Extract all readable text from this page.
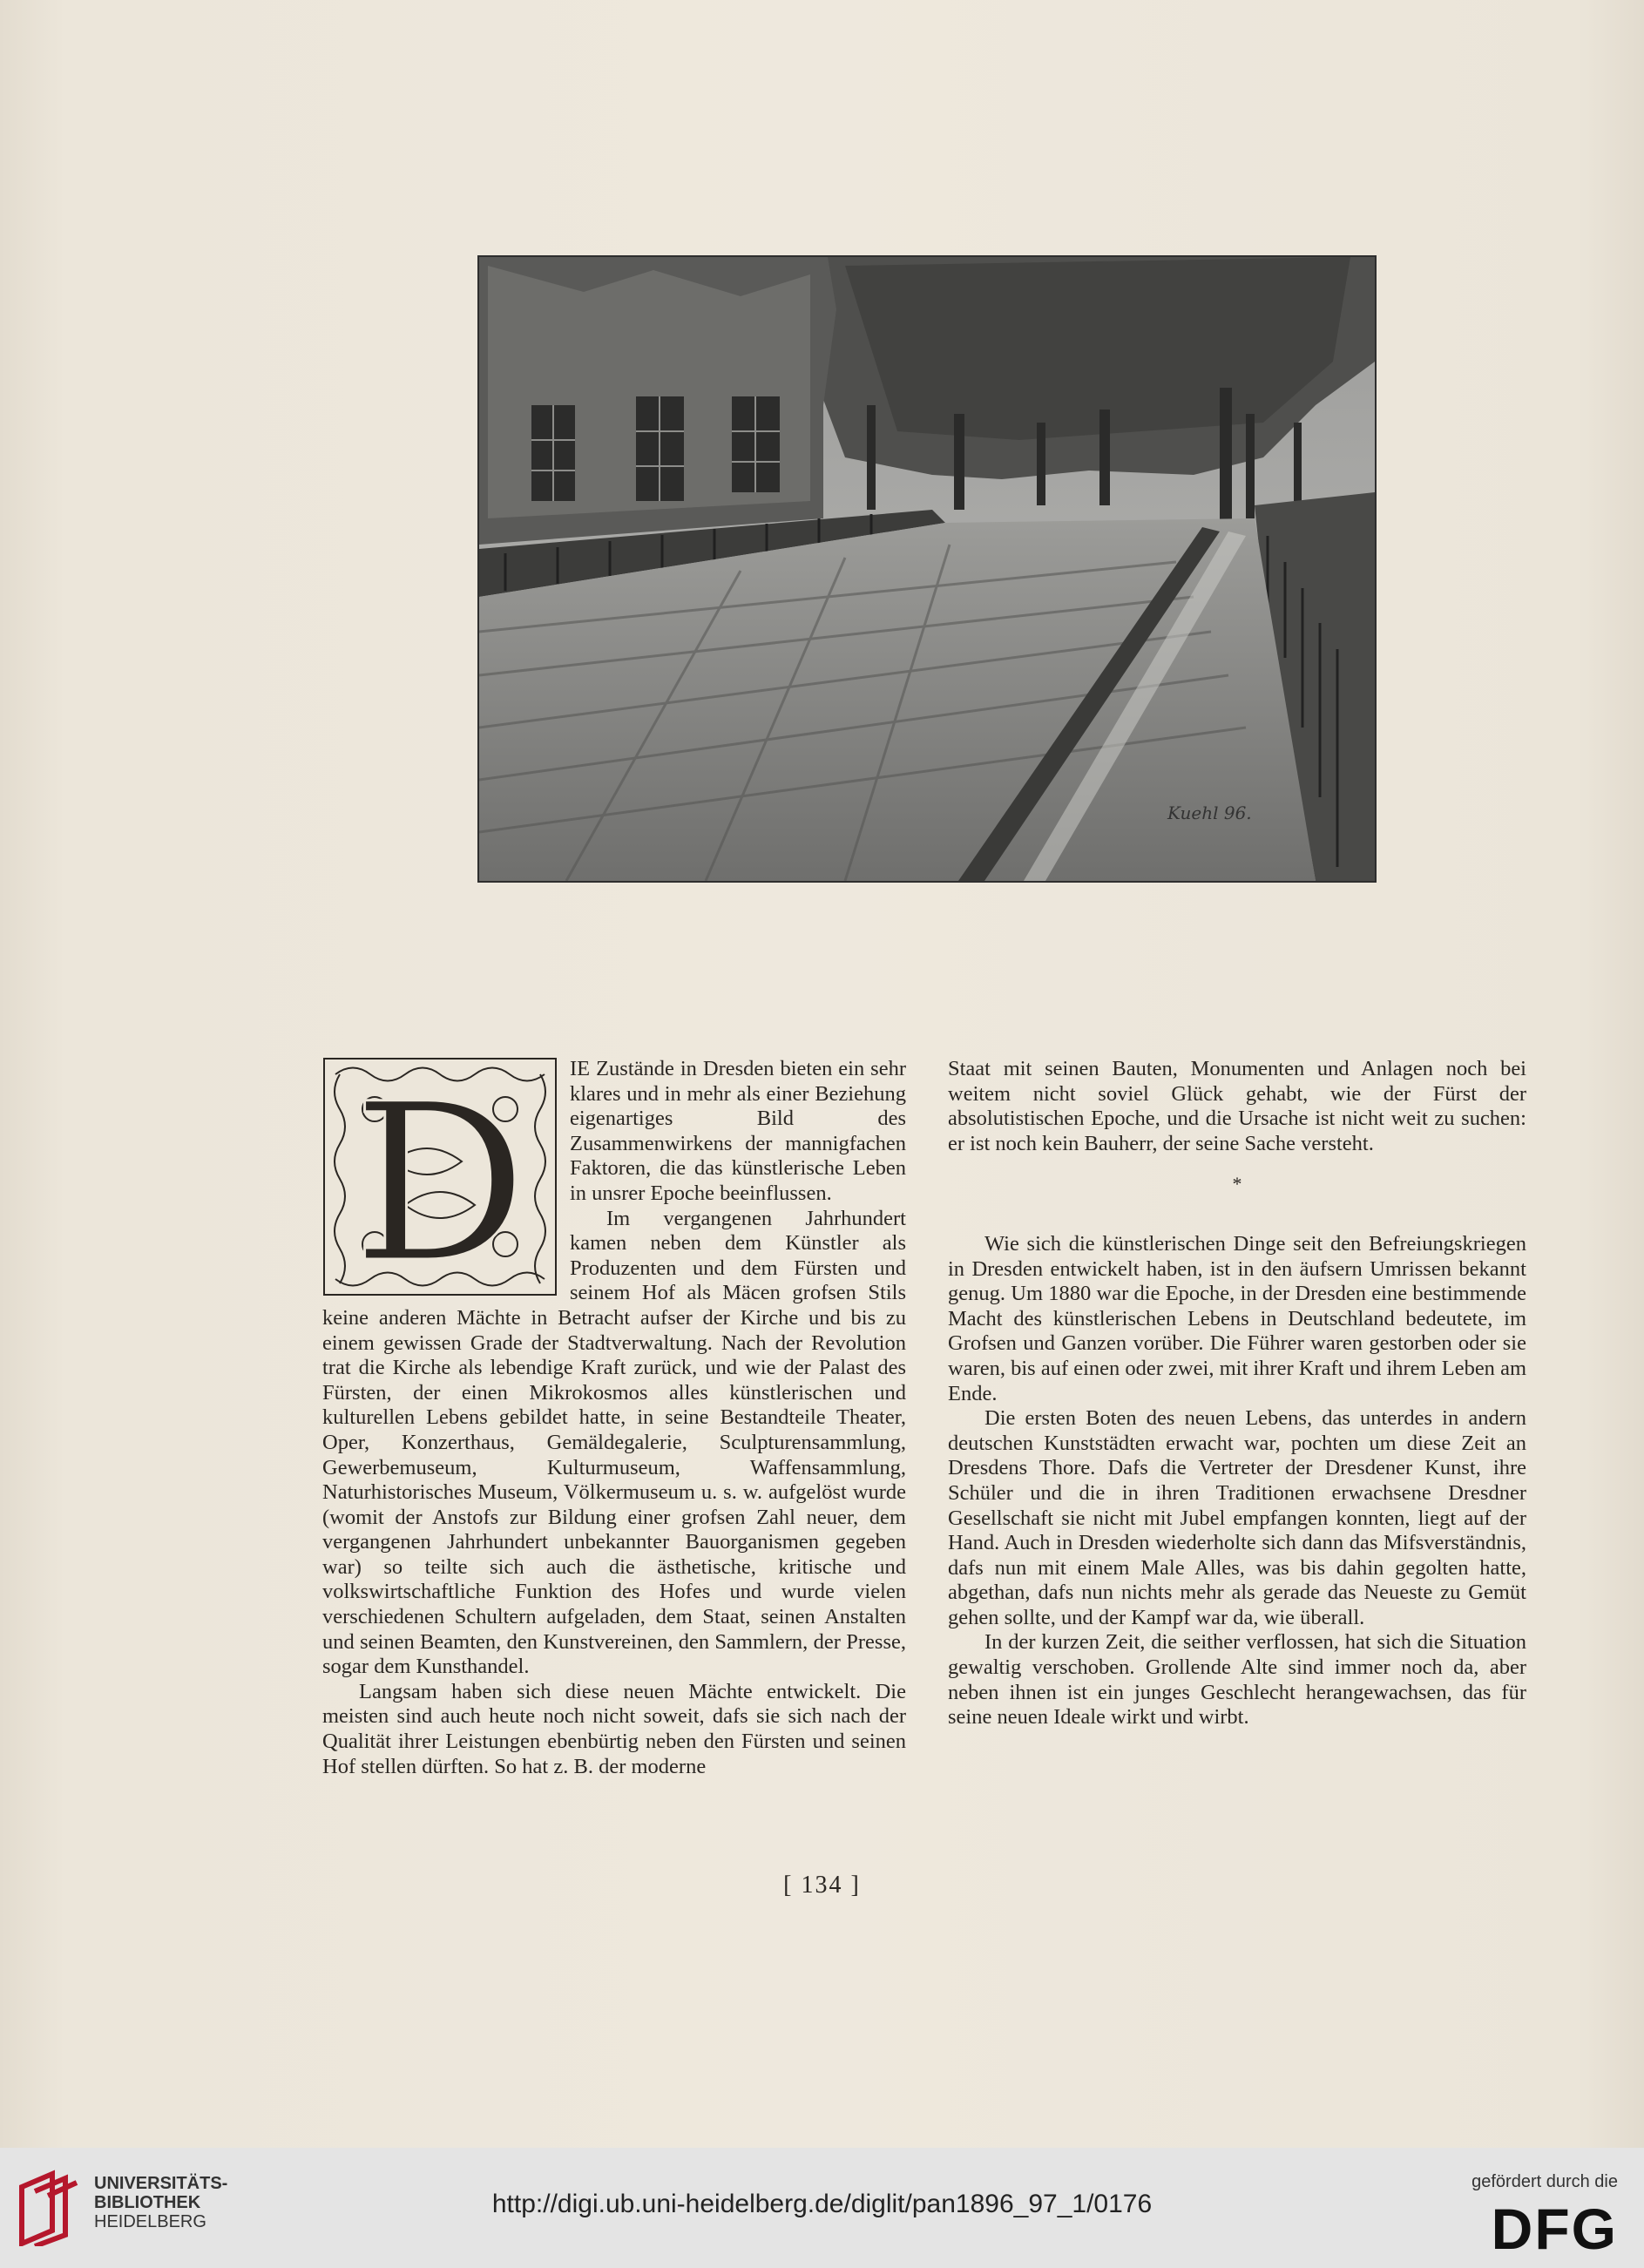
Kuehl 96.
D	IE Zustände in Dresden bieten ein sehr klares und in mehr als einer Beziehung eigenartiges Bild des Zusammenwirkens der mannigfachen Faktoren, die das künstlerische Leben in unsrer Epoche beeinflussen.

Im vergangenen Jahrhundert kamen neben dem Künstler als Produzenten und dem Fürsten und seinem Hof als Mäcen grofsen Stils keine anderen Mächte in Betracht aufser der Kirche und bis zu einem gewissen Grade der Stadtverwaltung. Nach der Revolution trat die Kirche als lebendige Kraft zurück, und wie der Palast des Fürsten, der einen Mikrokosmos alles künstlerischen und kulturellen Lebens gebildet hatte, in seine Bestandteile Theater, Oper, Konzerthaus, Gemäldegalerie, Sculpturensammlung, Gewerbemuseum, Kulturmuseum, Waffensammlung, Naturhistorisches Museum, Völkermuseum u. s. w. aufgelöst wurde (womit der Anstofs zur Bildung einer grofsen Zahl neuer, dem vergangenen Jahrhundert unbekannter Bauorganismen gegeben war) so teilte sich auch die ästhetische, kritische und volkswirtschaftliche Funktion des Hofes und wurde vielen verschiedenen Schultern aufgeladen, dem Staat, seinen Anstalten und seinen Beamten, den Kunstvereinen, den Sammlern, der Presse, sogar dem Kunsthandel.

Langsam haben sich diese neuen Mächte entwickelt. Die meisten sind auch heute noch nicht soweit, dafs sie sich nach der Qualität ihrer Leistungen ebenbürtig neben den Fürsten und seinen Hof stellen dürften. So hat z. B. der moderne

Staat mit seinen Bauten, Monumenten und Anlagen noch bei weitem nicht soviel Glück gehabt, wie der Fürst der absolutistischen Epoche, und die Ursache ist nicht weit zu suchen: er ist noch kein Bauherr, der seine Sache versteht.

*

Wie sich die künstlerischen Dinge seit den Befreiungskriegen in Dresden entwickelt haben, ist in den äufsern Umrissen bekannt genug. Um 1880 war die Epoche, in der Dresden eine bestimmende Macht des künstlerischen Lebens in Deutschland bedeutete, im Grofsen und Ganzen vorüber. Die Führer waren gestorben oder sie waren, bis auf einen oder zwei, mit ihrer Kraft und ihrem Leben am Ende.

Die ersten Boten des neuen Lebens, das unterdes in andern deutschen Kunststädten erwacht war, pochten um diese Zeit an Dresdens Thore. Dafs die Vertreter der Dresdener Kunst, ihre Schüler und die in ihren Traditionen erwachsene Dresdner Gesellschaft sie nicht mit Jubel empfangen konnten, liegt auf der Hand. Auch in Dresden wiederholte sich dann das Mifsverständnis, dafs nun mit einem Male Alles, was bis dahin gegolten hatte, abgethan, dafs nun nichts mehr als gerade das Neueste zu Gemüt gehen sollte, und der Kampf war da, wie überall.

In der kurzen Zeit, die seither verflossen, hat sich die Situation gewaltig verschoben. Grollende Alte sind immer noch da, aber neben ihnen ist ein junges Geschlecht herangewachsen, das für seine neuen Ideale wirkt und wirbt.

[ 134 ]
UNIVERSITÄTS-
BIBLIOTHEK
HEIDELBERG
http://digi.ub.uni-heidelberg.de/diglit/pan1896_97_1/0176
gefördert durch die
DFG
